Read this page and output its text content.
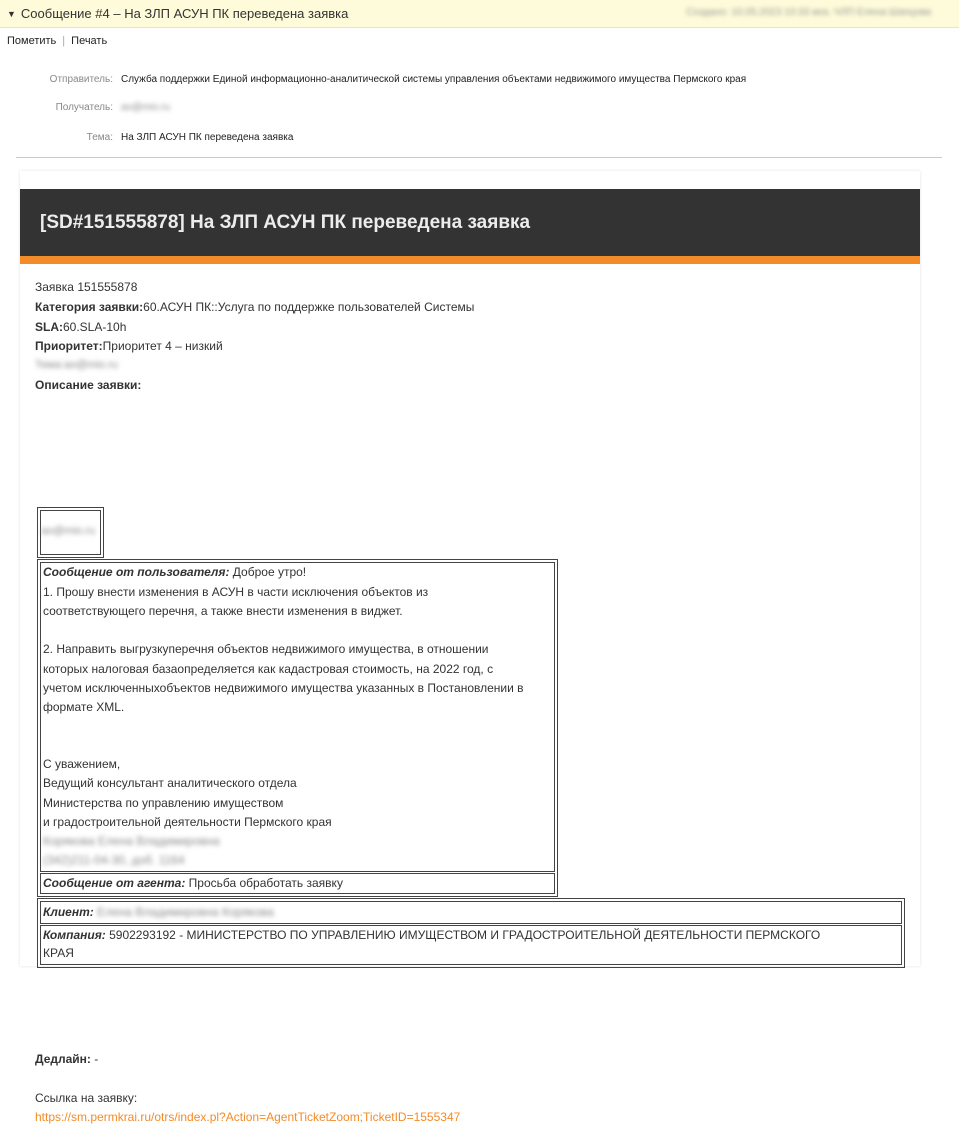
▼ Сообщение #4 – На ЗЛП АСУН ПК переведена заявка	Создано: 10.05.2023 10:33 мск. ЧЛП Елена Шапцова
Пометить | Печать
Отправитель: Служба поддержки Единой информационно-аналитической системы управления объектами недвижимого имущества Пермского края
Получатель: ao@mio.ru
Тема: На ЗЛП АСУН ПК переведена заявка
[SD#151555878] На ЗЛП АСУН ПК переведена заявка
Заявка 151555878
Категория заявки:60.АСУН ПК::Услуга по поддержке пользователей Системы
SLA:60.SLA-10h
Приоритет:Приоритет 4 – низкий
Тема:ao@mio.ru
Описание заявки:
ao@mio.ru
Сообщение от пользователя: Доброе утро!
1. Прошу внести изменения в АСУН в части исключения объектов из
соответствующего перечня, а также внести изменения в виджет.
2. Направить выгрузкуперечня объектов недвижимого имущества, в отношении
которых налоговая базаопределяется как кадастровая стоимость, на 2022 год, с
учетом исключенныхобъектов недвижимого имущества указанных в Постановлении в
формате XML.
С уважением,
Ведущий консультант аналитического отдела
Министерства по управлению имуществом
и градостроительной деятельности Пермского края
Корякова Елена Владимировна
(342)211-04-30, доб. 1164
Сообщение от агента: Просьба обработать заявку
Клиент: Елена Владимировна Корякова
Компания: 5902293192 - МИНИСТЕРСТВО ПО УПРАВЛЕНИЮ ИМУЩЕСТВОМ И ГРАДОСТРОИТЕЛЬНОЙ ДЕЯТЕЛЬНОСТИ ПЕРМСКОГО
КРАЯ
Дедлайн: -
Ссылка на заявку:
https://sm.permkrai.ru/otrs/index.pl?Action=AgentTicketZoom;TicketID=1555347
